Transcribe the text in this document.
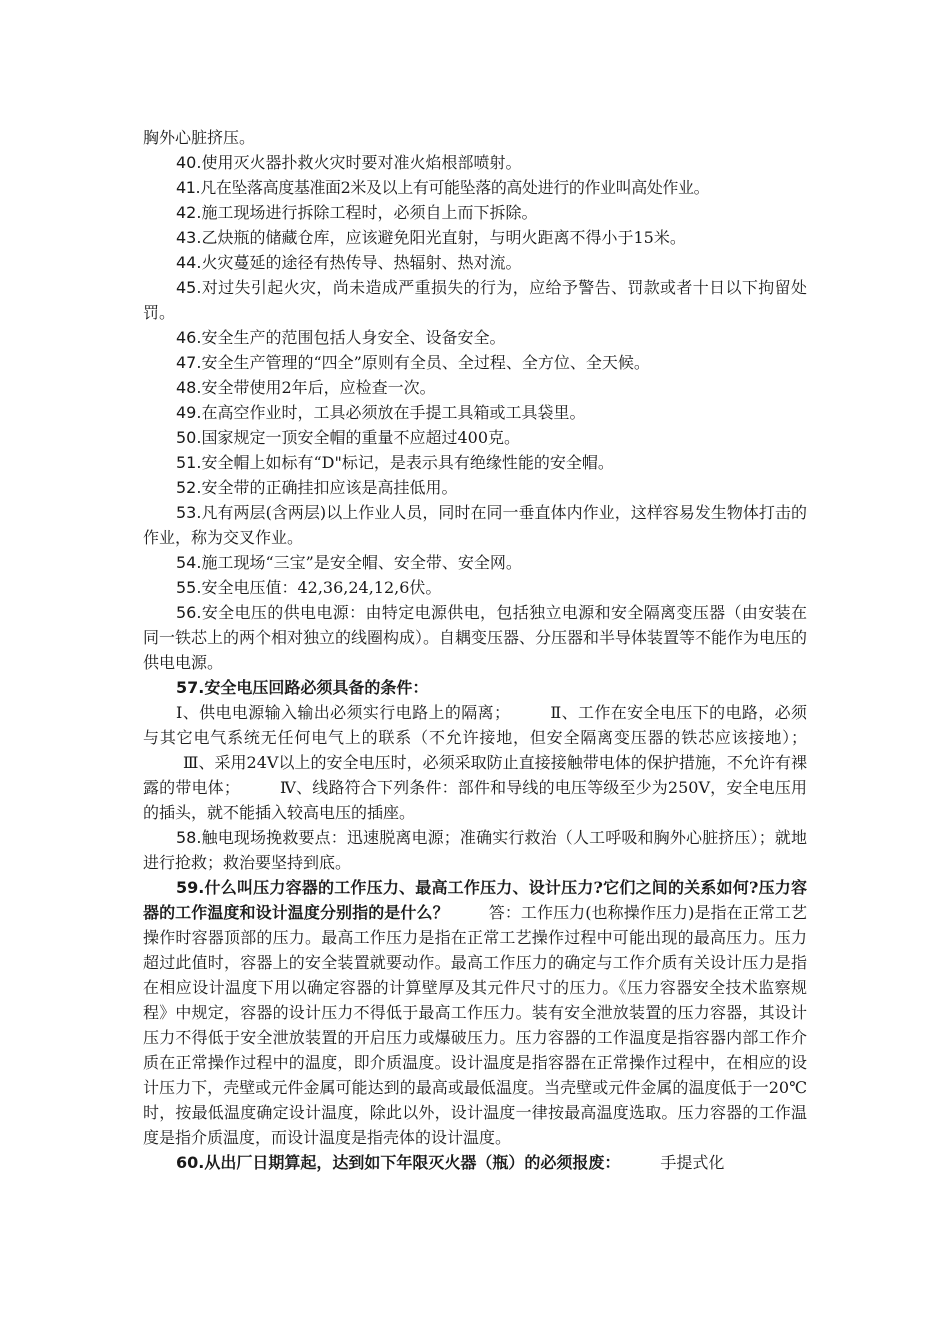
胸外心脏挤压。

40.使用灭火器扑救火灾时要对准火焰根部喷射。

41.凡在坠落高度基准面2米及以上有可能坠落的高处进行的作业叫高处作业。

42.施工现场进行拆除工程时，必须自上而下拆除。

43.乙炔瓶的储藏仓库，应该避免阳光直射，与明火距离不得小于15米。

44.火灾蔓延的途径有热传导、热辐射、热对流。

45.对过失引起火灾，尚未造成严重损失的行为，应给予警告、罚款或者十日以下拘留处罚。

46.安全生产的范围包括人身安全、设备安全。

47.安全生产管理的“四全”原则有全员、全过程、全方位、全天候。

48.安全带使用2年后，应检查一次。

49.在高空作业时，工具必须放在手提工具箱或工具袋里。

50.国家规定一顶安全帽的重量不应超过400克。

51.安全帽上如标有“D"标记，是表示具有绝缘性能的安全帽。

52.安全带的正确挂扣应该是高挂低用。

53.凡有两层(含两层)以上作业人员，同时在同一垂直体内作业，这样容易发生物体打击的作业，称为交叉作业。

54.施工现场“三宝”是安全帽、安全带、安全网。

55.安全电压值：42,36,24,12,6伏。

56.安全电压的供电电源：由特定电源供电，包括独立电源和安全隔离变压器（由安装在同一铁芯上的两个相对独立的线圈构成）。自耦变压器、分压器和半导体装置等不能作为电压的供电电源。

57.安全电压回路必须具备的条件：

Ⅰ、供电电源输入输出必须实行电路上的隔离；	Ⅱ、工作在安全电压下的电路，必须与其它电气系统无任何电气上的联系（不允许接地，但安全隔离变压器的铁芯应该接地）；Ⅲ、采用24V以上的安全电压时，必须采取防止直接接触带电体的保护措施，不允许有裸露的带电体；	Ⅳ、线路符合下列条件：部件和导线的电压等级至少为250V，安全电压用的插头，就不能插入较高电压的插座。

58.触电现场挽救要点：迅速脱离电源；准确实行救治（人工呼吸和胸外心脏挤压）；就地进行抢救；救治要坚持到底。

59.什么叫压力容器的工作压力、最高工作压力、设计压力?它们之间的关系如何?压力容器的工作温度和设计温度分别指的是什么？	答：工作压力(也称操作压力)是指在正常工艺操作时容器顶部的压力。最高工作压力是指在正常工艺操作过程中可能出现的最高压力。压力超过此值时，容器上的安全装置就要动作。最高工作压力的确定与工作介质有关设计压力是指在相应设计温度下用以确定容器的计算壁厚及其元件尺寸的压力。《压力容器安全技术监察规程》中规定，容器的设计压力不得低于最高工作压力。装有安全泄放装置的压力容器，其设计压力不得低于安全泄放装置的开启压力或爆破压力。压力容器的工作温度是指容器内部工作介质在正常操作过程中的温度，即介质温度。设计温度是指容器在正常操作过程中，在相应的设计压力下，壳壁或元件金属可能达到的最高或最低温度。当壳壁或元件金属的温度低于一20℃时，按最低温度确定设计温度，除此以外，设计温度一律按最高温度选取。压力容器的工作温度是指介质温度，而设计温度是指壳体的设计温度。

60.从出厂日期算起，达到如下年限灭火器（瓶）的必须报废：	手提式化
